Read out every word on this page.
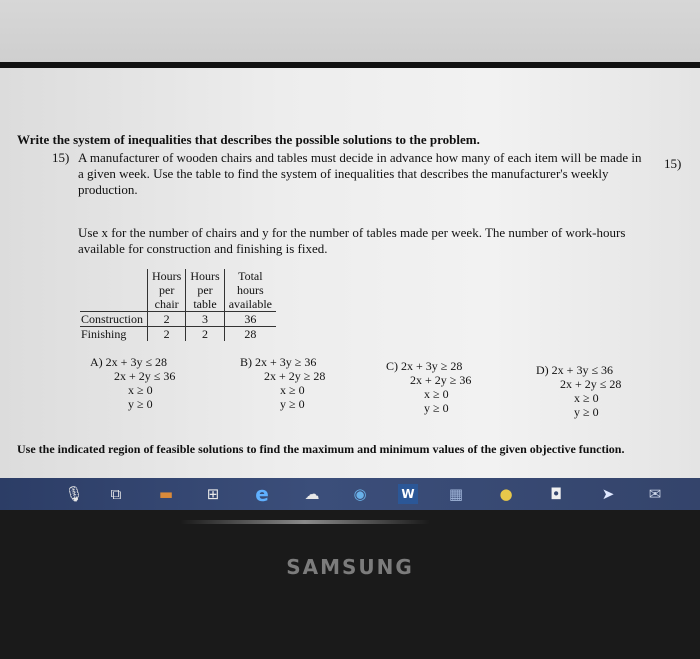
Write the system of inequalities that describes the possible solutions to the problem.
15) A manufacturer of wooden chairs and tables must decide in advance how many of each item will be made in a given week. Use the table to find the system of inequalities that describes the manufacturer's weekly production.
15)
Use x for the number of chairs and y for the number of tables made per week. The number of work-hours available for construction and finishing is fixed.
	Hours	Hours	Total
	per	per	hours
	chair	table	available
Construction	2	3	36
Finishing	2	2	28
A) 2x + 3y ≤ 28
2x + 2y ≤ 36
x ≥ 0
y ≥ 0
B) 2x + 3y ≥ 36
2x + 2y ≥ 28
x ≥ 0
y ≥ 0
C) 2x + 3y ≥ 28
2x + 2y ≥ 36
x ≥ 0
y ≥ 0
D) 2x + 3y ≤ 36
2x + 2y ≤ 28
x ≥ 0
y ≥ 0
Use the indicated region of feasible solutions to find the maximum and minimum values of the given objective function.
🎙	⧉	▬ ⊞ e ☁ ◉	W ▦ ●	◘	➤ ✉
SAMSUNG
